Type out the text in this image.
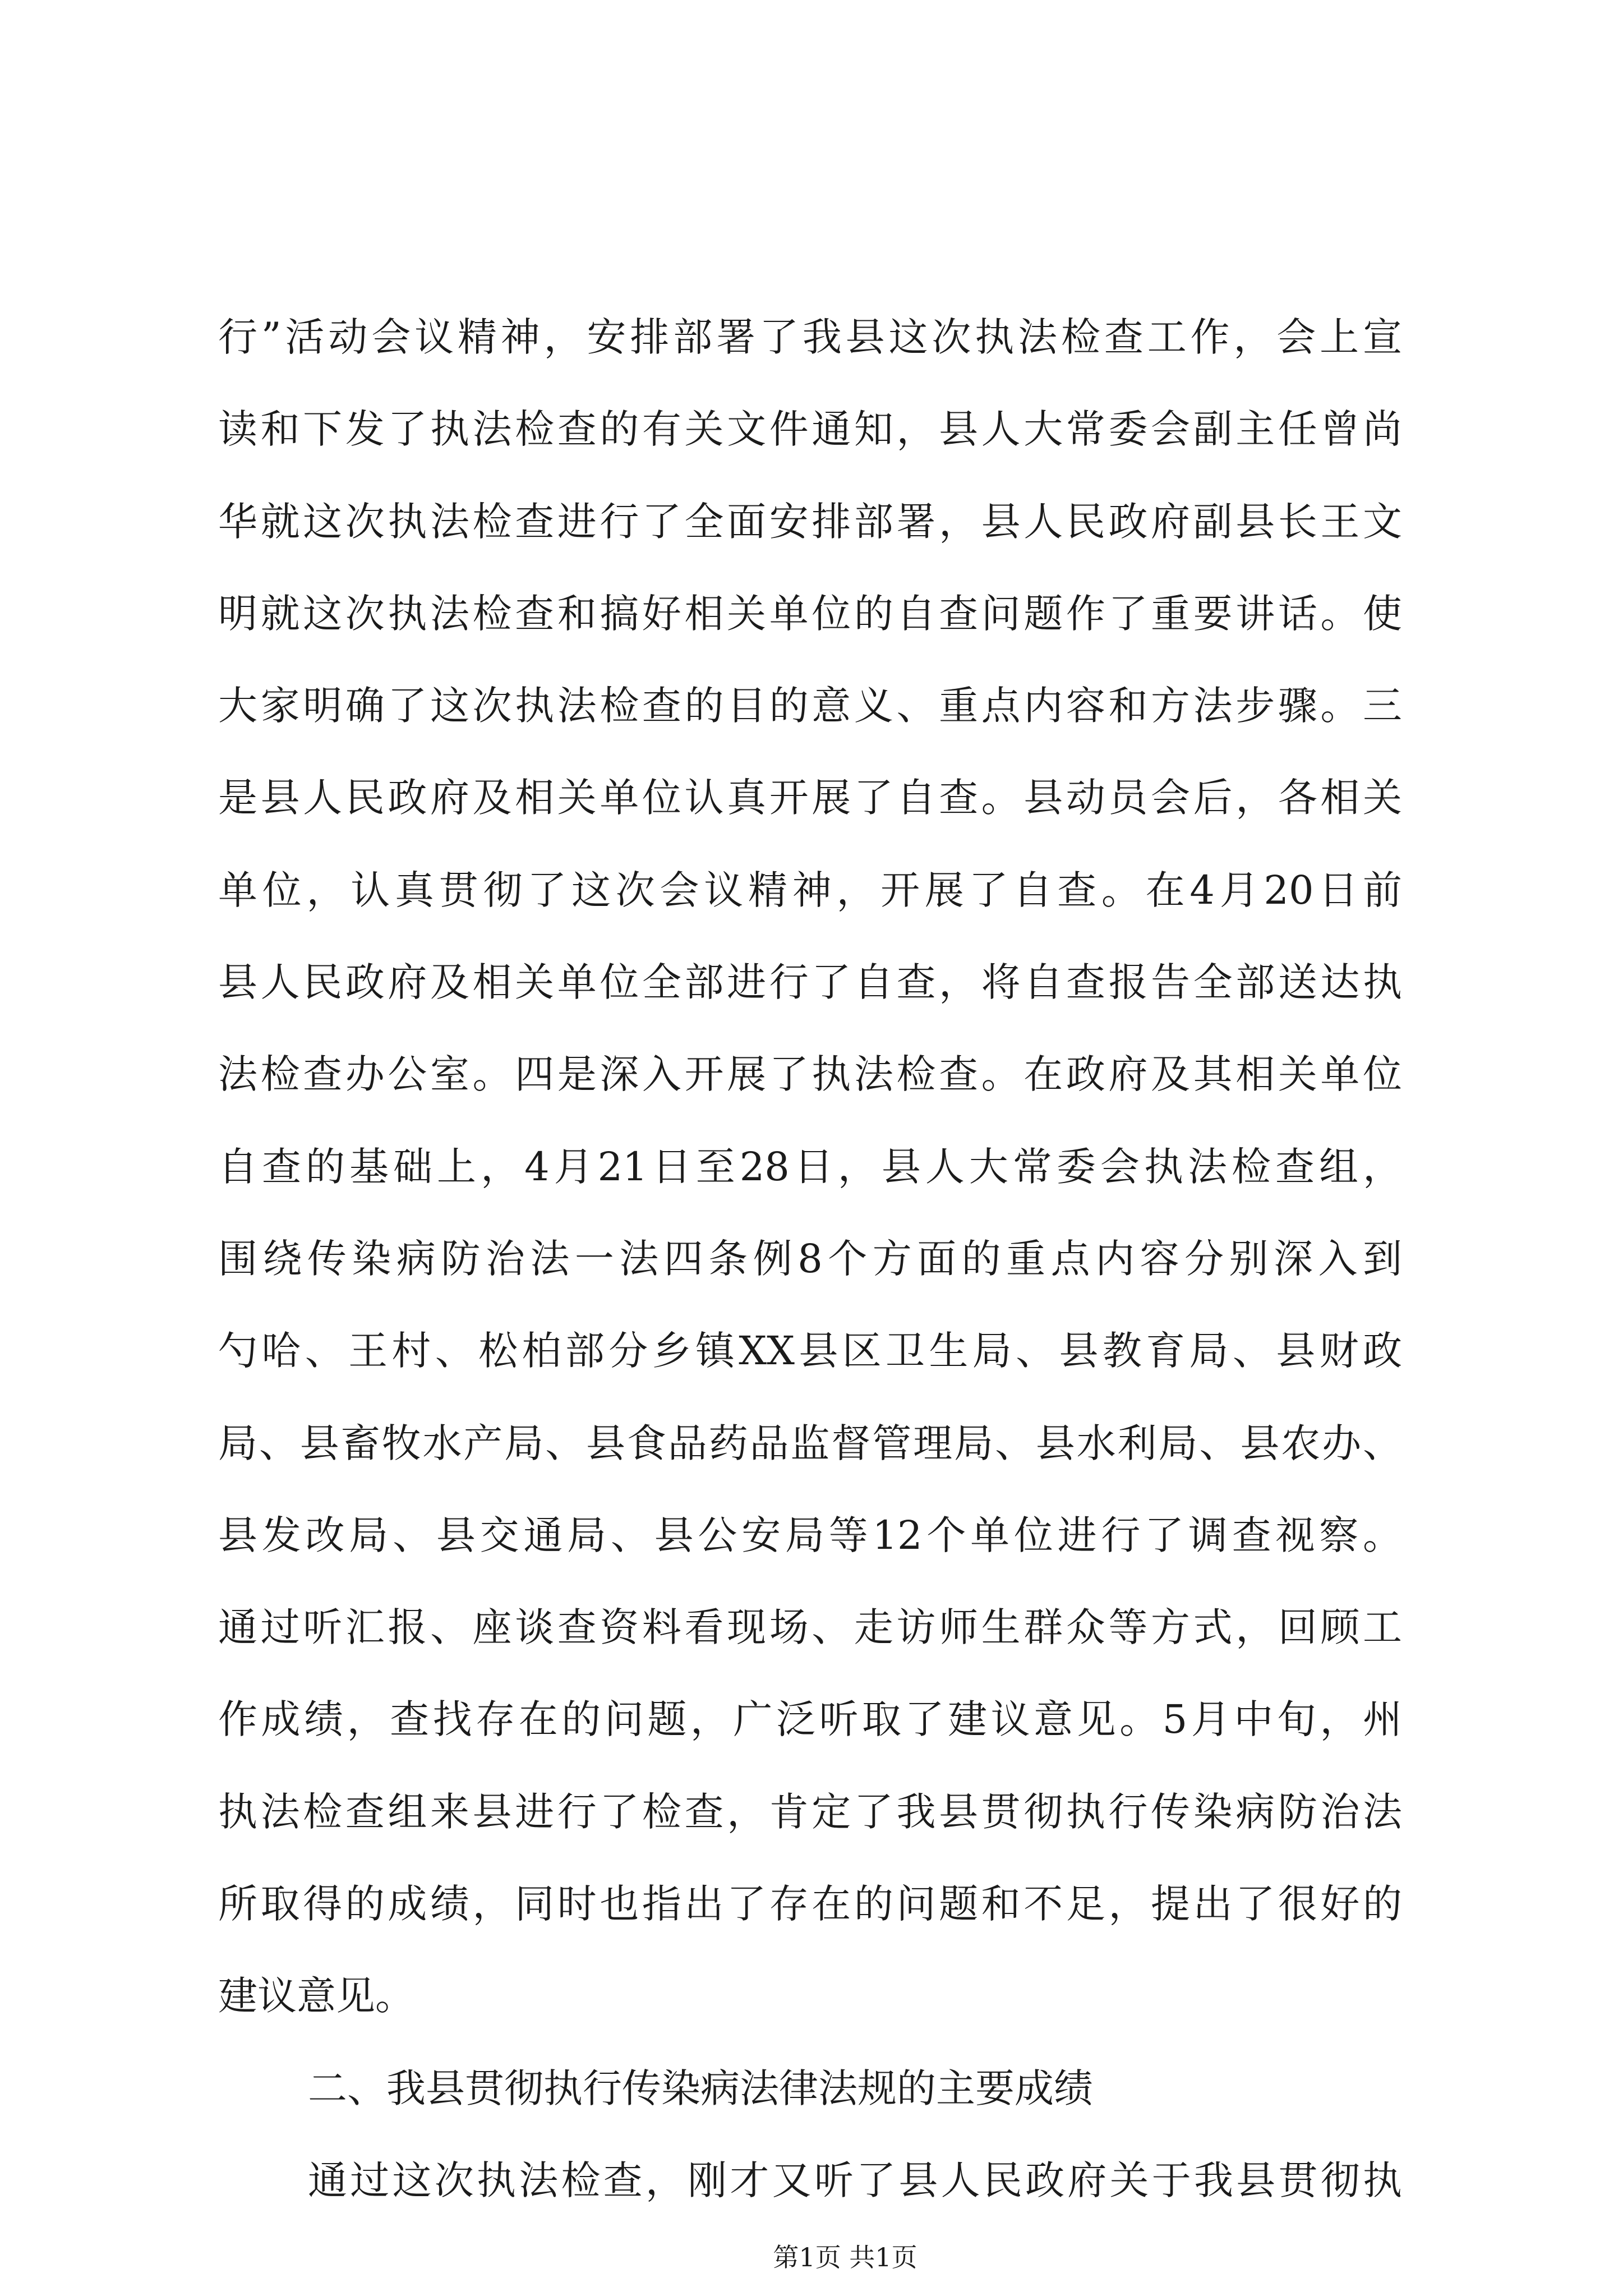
行”活动会议精神，安排部署了我县这次执法检查工作，会上宣
读和下发了执法检查的有关文件通知，县人大常委会副主任曾尚
华就这次执法检查进行了全面安排部署，县人民政府副县长王文
明就这次执法检查和搞好相关单位的自查问题作了重要讲话。使
大家明确了这次执法检查的目的意义、重点内容和方法步骤。三
是县人民政府及相关单位认真开展了自查。县动员会后，各相关
单位，认真贯彻了这次会议精神，开展了自查。在4月20日前
县人民政府及相关单位全部进行了自查，将自查报告全部送达执
法检查办公室。四是深入开展了执法检查。在政府及其相关单位
自查的基础上，4月21日至28日，县人大常委会执法检查组，
围绕传染病防治法一法四条例8个方面的重点内容分别深入到
勺哈、王村、松柏部分乡镇XX县区卫生局、县教育局、县财政
局、县畜牧水产局、县食品药品监督管理局、县水利局、县农办、
县发改局、县交通局、县公安局等12个单位进行了调查视察。
通过听汇报、座谈查资料看现场、走访师生群众等方式，回顾工
作成绩，查找存在的问题，广泛听取了建议意见。5月中旬，州
执法检查组来县进行了检查，肯定了我县贯彻执行传染病防治法
所取得的成绩，同时也指出了存在的问题和不足，提出了很好的
建议意见。
二、我县贯彻执行传染病法律法规的主要成绩
通过这次执法检查，刚才又听了县人民政府关于我县贯彻执
第1页 共1页
